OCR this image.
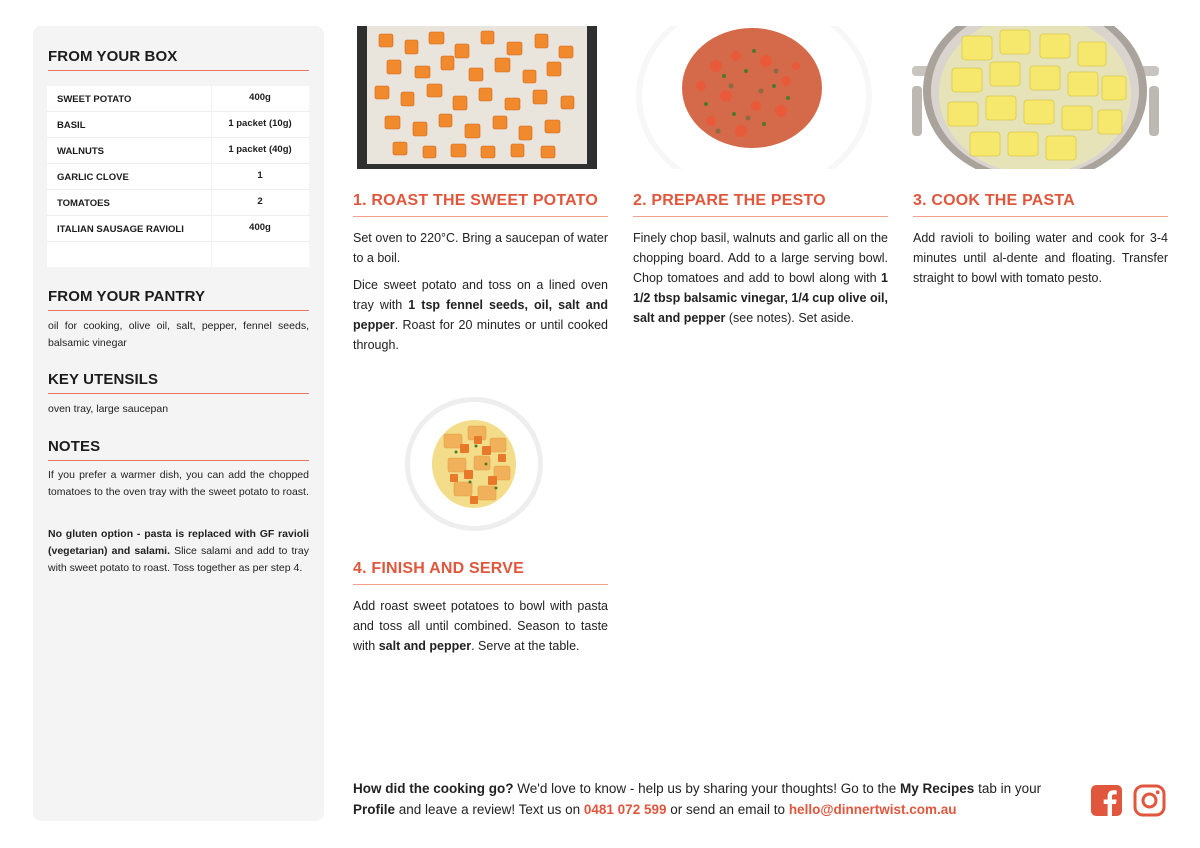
FROM YOUR BOX
SWEET POTATO	400g
BASIL	1 packet (10g)
WALNUTS	1 packet (40g)
GARLIC CLOVE	1
TOMATOES	2
ITALIAN SAUSAGE RAVIOLI	400g
FROM YOUR PANTRY
oil for cooking, olive oil, salt, pepper, fennel seeds, balsamic vinegar
KEY UTENSILS
oven tray, large saucepan
NOTES
If you prefer a warmer dish, you can add the chopped tomatoes to the oven tray with the sweet potato to roast.
No gluten option - pasta is replaced with GF ravioli (vegetarian) and salami. Slice salami and add to tray with sweet potato to roast. Toss together as per step 4.
1. ROAST THE SWEET POTATO

Set oven to 220°C. Bring a saucepan of water to a boil.

Dice sweet potato and toss on a lined oven tray with 1 tsp fennel seeds, oil, salt and pepper. Roast for 20 minutes or until cooked through.

2. PREPARE THE PESTO

Finely chop basil, walnuts and garlic all on the chopping board. Add to a large serving bowl. Chop tomatoes and add to bowl along with 1 1/2 tbsp balsamic vinegar, 1/4 cup olive oil, salt and pepper (see notes). Set aside.

3. COOK THE PASTA

Add ravioli to boiling water and cook for 3-4 minutes until al-dente and floating. Transfer straight to bowl with tomato pesto.

4. FINISH AND SERVE

Add roast sweet potatoes to bowl with pasta and toss all until combined. Season to taste with salt and pepper. Serve at the table.

How did the cooking go? We'd love to know - help us by sharing your thoughts! Go to the My Recipes tab in your Profile and leave a review! Text us on 0481 072 599 or send an email to hello@dinnertwist.com.au
